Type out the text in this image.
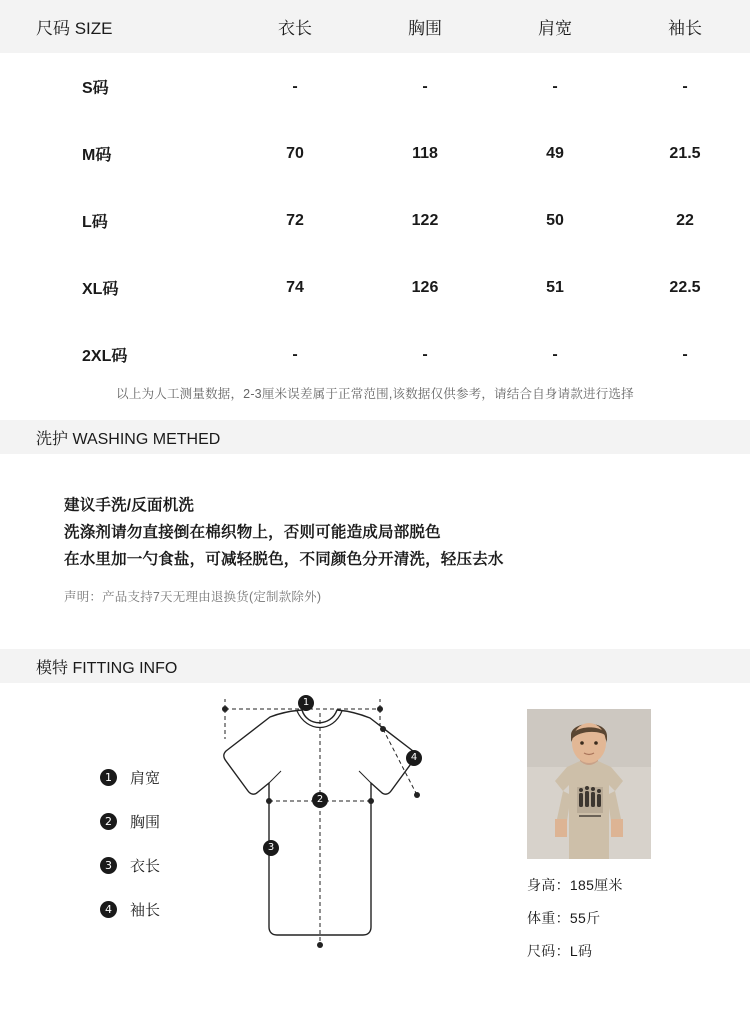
尺码 SIZE	衣长	胸围	肩宽	袖长
S码	-	-	-	-
M码	70	118	49	21.5
L码	72	122	50	22
XL码	74	126	51	22.5
2XL码	-	-	-	-
以上为人工测量数据，2-3厘米误差属于正常范围,该数据仅供参考，请结合自身请款进行选择
洗护 WASHING METHED
建议手洗/反面机洗
洗涤剂请勿直接倒在棉织物上，否则可能造成局部脱色
在水里加一勺食盐，可减轻脱色，不同颜色分开清洗，轻压去水
声明：产品支持7天无理由退换货(定制款除外)
模特 FITTING INFO
1	肩宽
2	胸围
3	衣长
4	袖长
1
2
3
4
身高：185厘米
体重：55斤
尺码：L码
